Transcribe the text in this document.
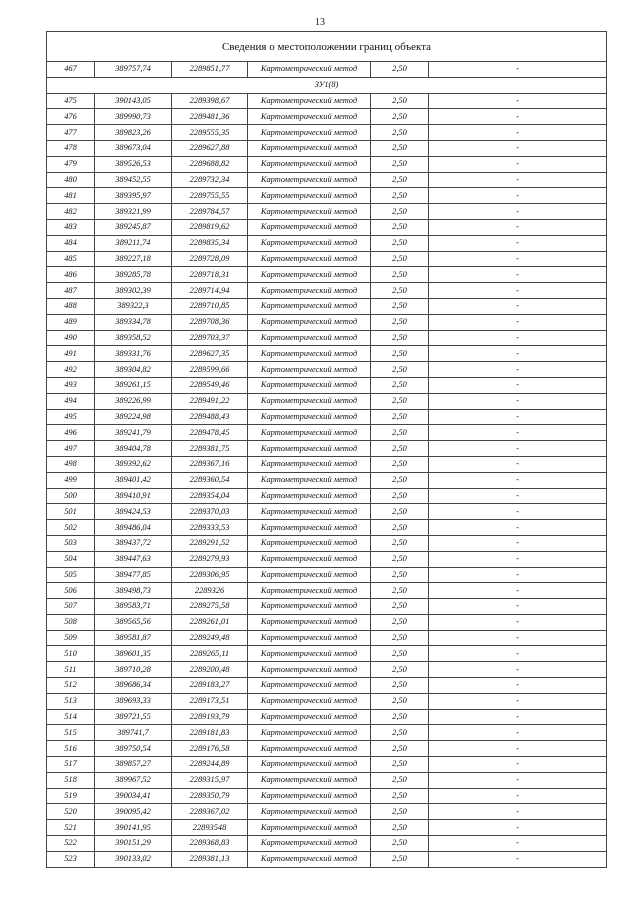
13
Сведения о местоположении границ объекта					
467	389757,74	2289851,77	Картометрический метод	2,50	-
ЗУ1(8)					
475	390143,05	2289398,67	Картометрический метод	2,50	-
476	389990,73	2289481,36	Картометрический метод	2,50	-
477	389823,26	2289555,35	Картометрический метод	2,50	-
478	389673,04	2289627,88	Картометрический метод	2,50	-
479	389526,53	2289688,82	Картометрический метод	2,50	-
480	389452,55	2289732,34	Картометрический метод	2,50	-
481	389395,97	2289755,55	Картометрический метод	2,50	-
482	389321,99	2289784,57	Картометрический метод	2,50	-
483	389245,87	2289819,62	Картометрический метод	2,50	-
484	389211,74	2289835,34	Картометрический метод	2,50	-
485	389227,18	2289728,09	Картометрический метод	2,50	-
486	389285,78	2289718,31	Картометрический метод	2,50	-
487	389302,39	2289714,94	Картометрический метод	2,50	-
488	389322,3	2289710,85	Картометрический метод	2,50	-
489	389334,78	2289708,36	Картометрический метод	2,50	-
490	389358,52	2289703,37	Картометрический метод	2,50	-
491	389331,76	2289627,35	Картометрический метод	2,50	-
492	389304,82	2289599,66	Картометрический метод	2,50	-
493	389261,15	2289549,46	Картометрический метод	2,50	-
494	389226,99	2289491,22	Картометрический метод	2,50	-
495	389224,98	2289488,43	Картометрический метод	2,50	-
496	389241,79	2289478,45	Картометрический метод	2,50	-
497	389404,78	2289381,75	Картометрический метод	2,50	-
498	389392,62	2289367,16	Картометрический метод	2,50	-
499	389401,42	2289360,54	Картометрический метод	2,50	-
500	389410,91	2289354,04	Картометрический метод	2,50	-
501	389424,53	2289370,03	Картометрический метод	2,50	-
502	389486,04	2289333,53	Картометрический метод	2,50	-
503	389437,72	2289291,52	Картометрический метод	2,50	-
504	389447,63	2289279,93	Картометрический метод	2,50	-
505	389477,85	2289306,95	Картометрический метод	2,50	-
506	389498,73	2289326	Картометрический метод	2,50	-
507	389583,71	2289275,58	Картометрический метод	2,50	-
508	389565,56	2289261,01	Картометрический метод	2,50	-
509	389581,87	2289249,48	Картометрический метод	2,50	-
510	389601,35	2289265,11	Картометрический метод	2,50	-
511	389710,28	2289200,48	Картометрический метод	2,50	-
512	389686,34	2289183,27	Картометрический метод	2,50	-
513	389693,33	2289173,51	Картометрический метод	2,50	-
514	389721,55	2289193,79	Картометрический метод	2,50	-
515	389741,7	2289181,83	Картометрический метод	2,50	-
516	389750,54	2289176,58	Картометрический метод	2,50	-
517	389857,27	2289244,89	Картометрический метод	2,50	-
518	389967,52	2289315,97	Картометрический метод	2,50	-
519	390034,41	2289350,79	Картометрический метод	2,50	-
520	390095,42	2289367,02	Картометрический метод	2,50	-
521	390141,95	22893548	Картометрический метод	2,50	-
522	390151,29	2289368,83	Картометрический метод	2,50	-
523	390133,02	2289381,13	Картометрический метод	2,50	-
